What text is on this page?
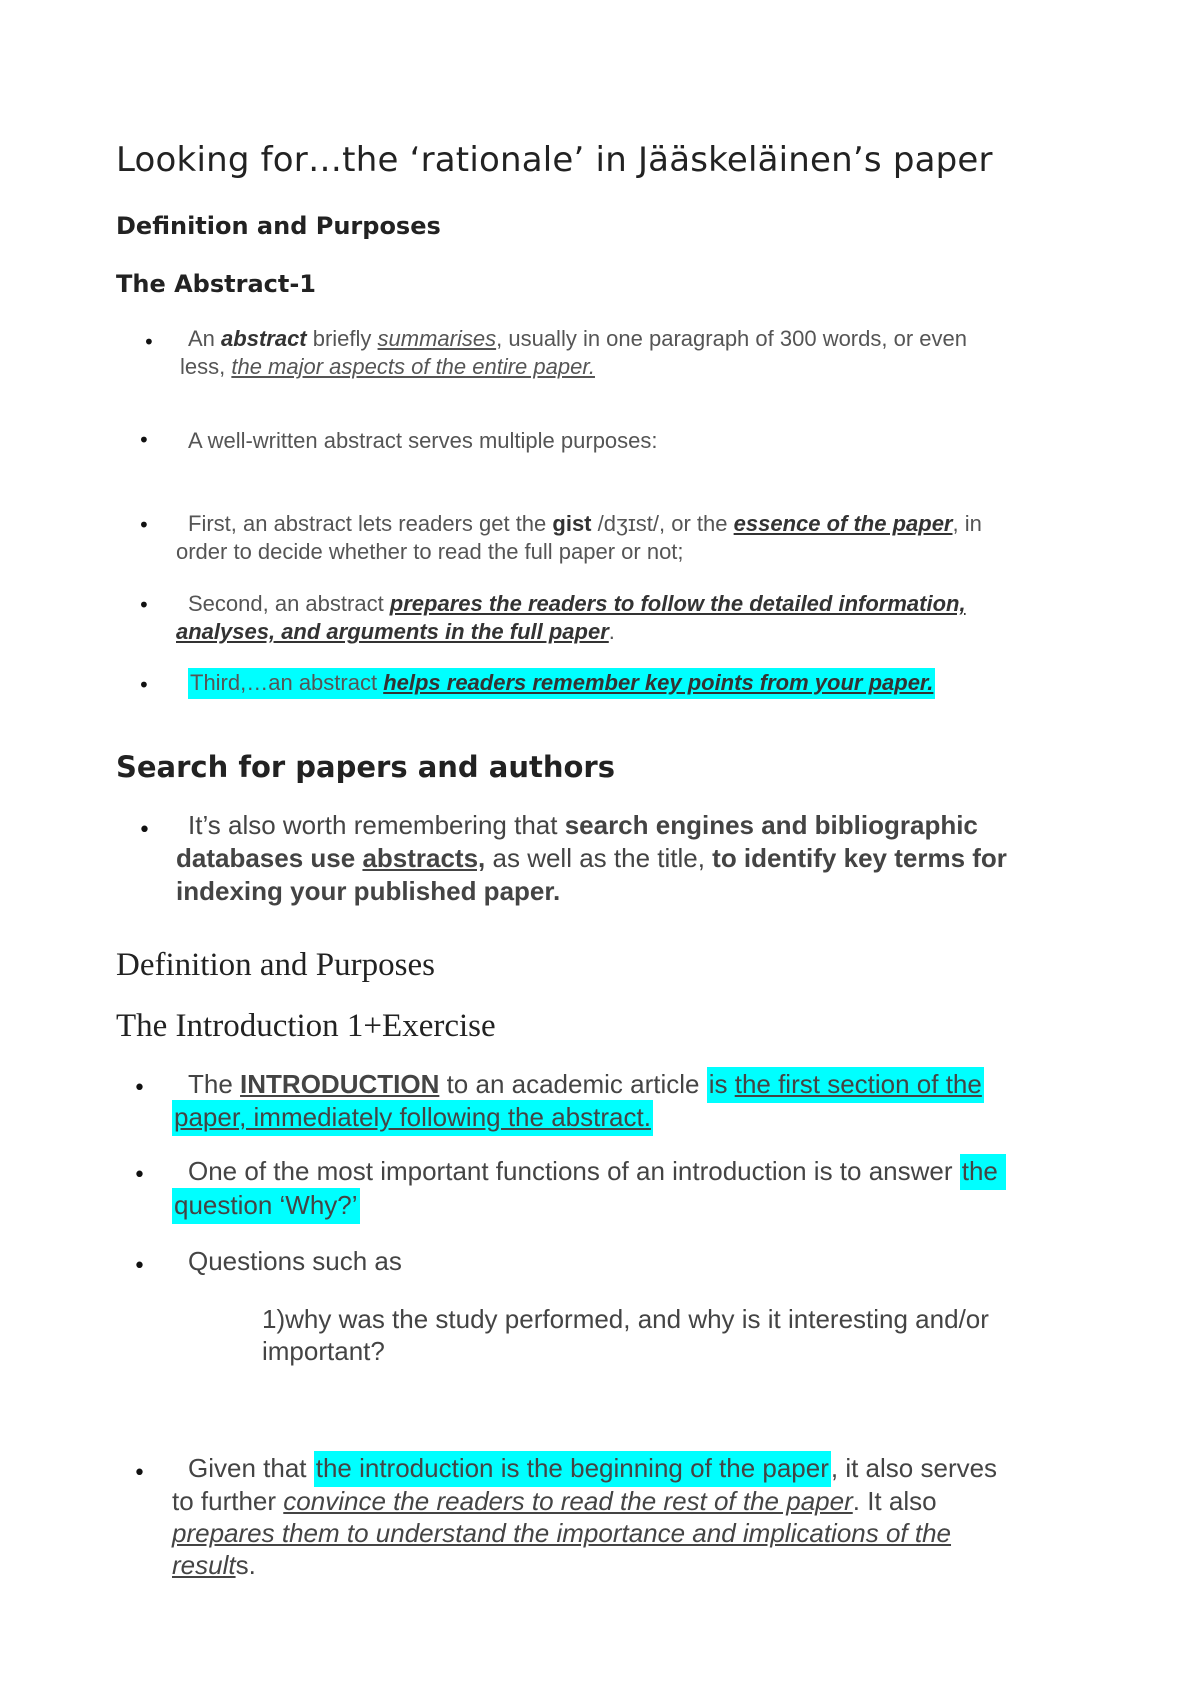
Looking for…the ‘rationale’ in Jääskeläinen’s paper
Definition and Purposes
The Abstract-1
• An abstract briefly summarises, usually in one paragraph of 300 words, or even
less, the major aspects of the entire paper.
• A well-written abstract serves multiple purposes:
• First, an abstract lets readers get the gist /dʒɪst/, or the essence of the paper, in
order to decide whether to read the full paper or not;
• Second, an abstract prepares the readers to follow the detailed information,
analyses, and arguments in the full paper.
• Third,…an abstract helps readers remember key points from your paper.
Search for papers and authors
• It’s also worth remembering that search engines and bibliographic
databases use abstracts, as well as the title, to identify key terms for
indexing your published paper.
Definition and Purposes
The Introduction 1+Exercise
• The INTRODUCTION to an academic article is the first section of the
paper, immediately following the abstract.
• One of the most important functions of an introduction is to answer the
question ‘Why?’
• Questions such as
1)why was the study performed, and why is it interesting and/or
important?
• Given that the introduction is the beginning of the paper, it also serves
to further convince the readers to read the rest of the paper. It also
prepares them to understand the importance and implications of the
results.
